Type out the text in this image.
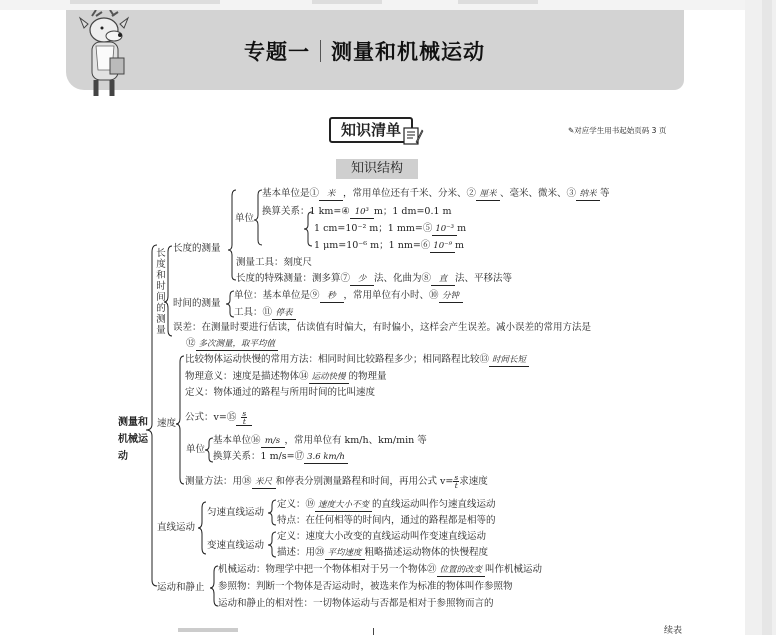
专题一 测量和机械运动
知识清单	✎对应学生用书起始页码 3 页
知识结构
测量和机械运动
长度和时间的测量
长度的测量
单位
基本单位是① 米 ，常用单位还有千米、分米、② 厘米 、毫米、微米、③ 纳米 等
换算关系：1 km=④ 10³ m；1 dm=0.1 m
1 cm=10⁻² m；1 mm=⑤ 10⁻³ m
1 μm=10⁻⁶ m；1 nm=⑥ 10⁻⁹ m
测量工具：刻度尺
长度的特殊测量：测多算⑦ 少 法、化曲为⑧ 直 法、平移法等
时间的测量
单位：基本单位是⑨ 秒 ，常用单位有小时、⑩ 分钟
工具：⑪ 停表
误差：在测量时要进行估读，估读值有时偏大，有时偏小，这样会产生误差。减小误差的常用方法是
⑫ 多次测量，取平均值
速度
比较物体运动快慢的常用方法：相同时间比较路程多少；相同路程比较⑬ 时间长短
物理意义：速度是描述物体⑭ 运动快慢 的物理量
定义：物体通过的路程与所用时间的比叫速度
公式：v=⑮ $\frac{s}{t}$
单位
基本单位⑯ m/s ，常用单位有 km/h、km/min 等
换算关系：1 m/s=⑰ 3.6 km/h
测量方法：用⑱ 米尺 和停表分别测量路程和时间，再用公式 $v= \frac{s}{t}$求速度
直线运动
匀速直线运动
定义：⑲ 速度大小不变 的直线运动叫作匀速直线运动
特点：在任何相等的时间内，通过的路程都是相等的
变速直线运动
定义：速度大小改变的直线运动叫作变速直线运动
描述：用⑳ 平均速度 粗略描述运动物体的快慢程度
运动和静止
机械运动：物理学中把一个物体相对于另一个物体㉑ 位置的改变 叫作机械运动
参照物：判断一个物体是否运动时，被选来作为标准的物体叫作参照物
运动和静止的相对性：一切物体运动与否都是相对于参照物而言的
续表
